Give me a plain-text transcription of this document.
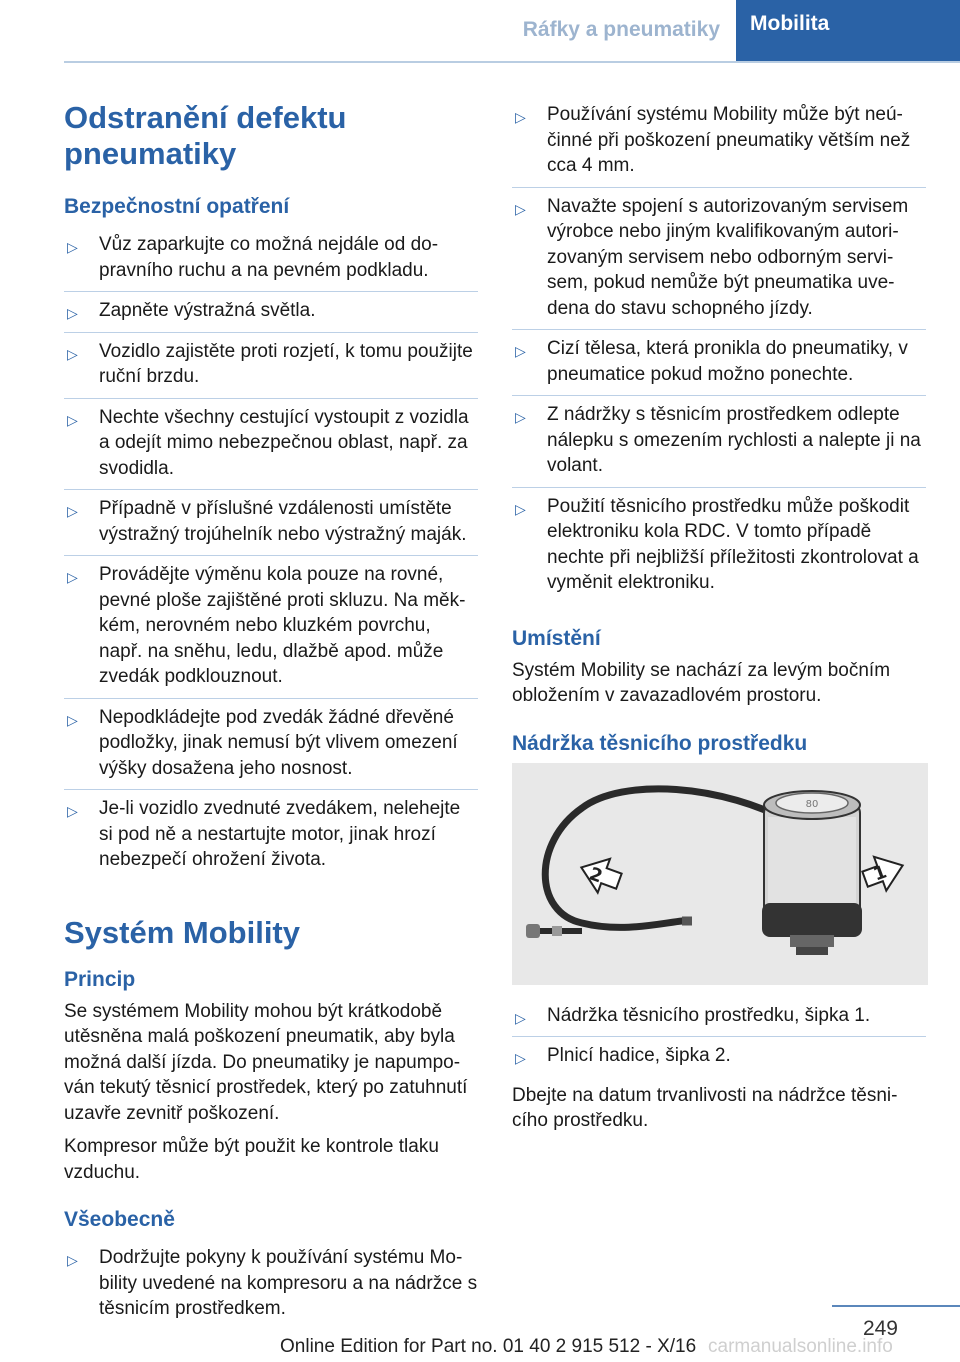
Ráfky a pneumatiky	Mobilita
Odstranění defektu pneumatiky
Bezpečnostní opatření
▷ Vůz zaparkujte co možná nejdále od dopravního ruchu a na pevném podkladu.
▷ Zapněte výstražná světla.
▷ Vozidlo zajistěte proti rozjetí, k tomu použijte ruční brzdu.
▷ Nechte všechny cestující vystoupit z vozidla a odejít mimo nebezpečnou oblast, např. za svodidla.
▷ Případně v příslušné vzdálenosti umístěte výstražný trojúhelník nebo výstražný maják.
▷ Provádějte výměnu kola pouze na rovné, pevné ploše zajištěné proti skluzu. Na měkkém, nerovném nebo kluzkém povrchu, např. na sněhu, ledu, dlažbě apod. může zvedák podklouznout.
▷ Nepodkládejte pod zvedák žádné dřevěné podložky, jinak nemusí být vlivem omezení výšky dosažena jeho nosnost.
▷ Je-li vozidlo zvednuté zvedákem, nelehejte si pod ně a nestartujte motor, jinak hrozí nebezpečí ohrožení života.
Systém Mobility
Princip

Se systémem Mobility mohou být krátkodobě utěsněna malá poškození pneumatik, aby byla možná další jízda. Do pneumatiky je napumpován tekutý těsnicí prostředek, který po zatuhnutí uzavře zevnitř poškození.

Kompresor může být použit ke kontrole tlaku vzduchu.

Všeobecně
▷ Dodržujte pokyny k používání systému Mobility uvedené na kompresoru a na nádržce s těsnicím prostředkem.
▷ Používání systému Mobility může být neúčinné při poškození pneumatiky větším než cca 4 mm.
▷ Navažte spojení s autorizovaným servisem výrobce nebo jiným kvalifikovaným autorizovaným servisem nebo odborným servisem, pokud nemůže být pneumatika uvedena do stavu schopného jízdy.
▷ Cizí tělesa, která pronikla do pneumatiky, v pneumatice pokud možno ponechte.
▷ Z nádržky s těsnicím prostředkem odlepte nálepku s omezením rychlosti a nalepte ji na volant.
▷ Použití těsnicího prostředku může poškodit elektroniku kola RDC. V tomto případě nechte při nejbližší příležitosti zkontrolovat a vyměnit elektroniku.
Umístění

Systém Mobility se nachází za levým bočním obložením v zavazadlovém prostoru.

Nádržka těsnicího prostředku
80
1
2
▷ Nádržka těsnicího prostředku, šipka 1.
▷ Plnicí hadice, šipka 2.

Dbejte na datum trvanlivosti na nádržce těsnicího prostředku.

249
Online Edition for Part no. 01 40 2 915 512 - X/16 carmanualsonline.info
